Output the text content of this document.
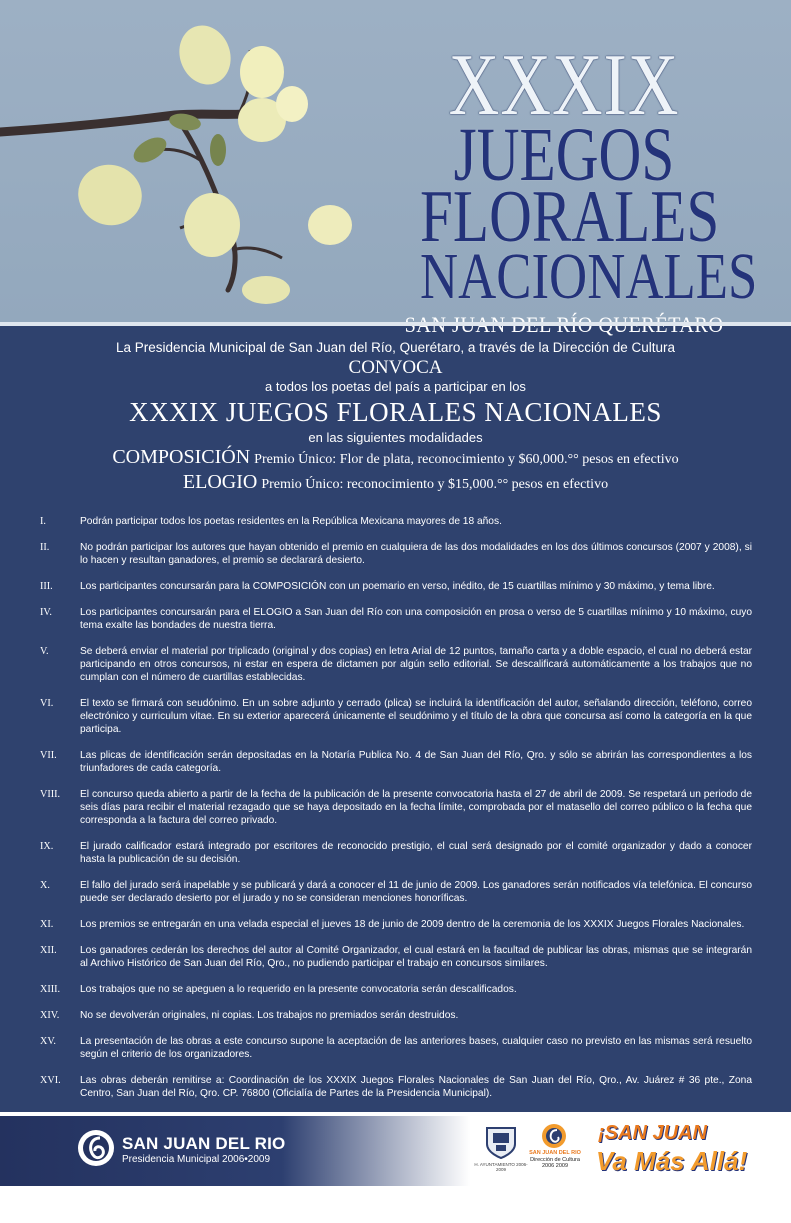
XXXIX
JUEGOS
FLORALES
NACIONALES
La Presidencia Municipal de San Juan del Río, Querétaro, a través de la Dirección de Cultura
CONVOCA
a todos los poetas del país a participar en los
XXXIX JUEGOS FLORALES NACIONALES
en las siguientes modalidades
COMPOSICIÓN Premio Único: Flor de plata, reconocimiento y $60,000.°° pesos en efectivo
ELOGIO Premio Único: reconocimiento y $15,000.°° pesos en efectivo
I.	Podrán participar todos los poetas residentes en la República Mexicana mayores de 18 años.
II.	No podrán participar los autores que hayan obtenido el premio en cualquiera de las dos modalidades en los dos últimos concursos (2007 y 2008), si lo hacen y resultan ganadores, el premio se declarará desierto.
III.	Los participantes concursarán para la COMPOSICIÓN con un poemario en verso, inédito, de 15 cuartillas mínimo y 30 máximo, y tema libre.
IV.	Los participantes concursarán para el ELOGIO a San Juan del Río con una composición en prosa o verso de 5 cuartillas mínimo y 10 máximo, cuyo tema exalte las bondades de nuestra tierra.
V.	Se deberá enviar el material por triplicado (original y dos copias) en letra Arial de 12 puntos, tamaño carta y a doble espacio, el cual no deberá estar participando en otros concursos, ni estar en espera de dictamen por algún sello editorial. Se descalificará automáticamente a los trabajos que no cumplan con el número de cuartillas establecidas.
VI.	El texto se firmará con seudónimo. En un sobre adjunto y cerrado (plica) se incluirá la identificación del autor, señalando dirección, teléfono, correo electrónico y curriculum vitae. En su exterior aparecerá únicamente el seudónimo y el título de la obra que concursa así como la categoría en la que participa.
VII.	Las plicas de identificación serán depositadas en la Notaría Publica No. 4 de San Juan del Río, Qro. y sólo se abrirán las correspondientes a los triunfadores de cada categoría.
VIII.	El concurso queda abierto a partir de la fecha de la publicación de la presente convocatoria hasta el 27 de abril de 2009. Se respetará un periodo de seis días para recibir el material rezagado que se haya depositado en la fecha límite, comprobada por el matasello del correo público o la fecha que corresponda a la factura del correo privado.
IX.	El jurado calificador estará integrado por escritores de reconocido prestigio, el cual será designado por el comité organizador y dado a conocer hasta la publicación de su decisión.
X.	El fallo del jurado será inapelable y se publicará y dará a conocer el 11 de junio de 2009. Los ganadores serán notificados vía telefónica. El concurso puede ser declarado desierto por el jurado y no se consideran menciones honoríficas.
XI.	Los premios se entregarán en una velada especial el jueves 18 de junio de 2009 dentro de la ceremonia de los XXXIX Juegos Florales Nacionales.
XII.	Los ganadores cederán los derechos del autor al Comité Organizador, el cual estará en la facultad de publicar las obras, mismas que se integrarán al Archivo Histórico de San Juan del Río, Qro., no pudiendo participar el trabajo en concursos similares.
XIII.	Los trabajos que no se apeguen a lo requerido en la presente convocatoria serán descalificados.
XIV.	No se devolverán originales, ni copias. Los trabajos no premiados serán destruidos.
XV.	La presentación de las obras a este concurso supone la aceptación de las anteriores bases, cualquier caso no previsto en las mismas será resuelto según el criterio de los organizadores.
XVI.	Las obras deberán remitirse a: Coordinación de los XXXIX Juegos Florales Nacionales de San Juan del Río, Qro., Av. Juárez # 36 pte., Zona Centro, San Juan del Río, Qro. CP. 76800 (Oficialía de Partes de la Presidencia Municipal).
SAN JUAN DEL RIO
Presidencia Municipal 2006•2009	H. AYUNTAMIENTO 2006-2009
SAN JUAN DEL RIO
Dirección de Cultura
2006 2009
¡SAN JUAN
Va Más Allá!
